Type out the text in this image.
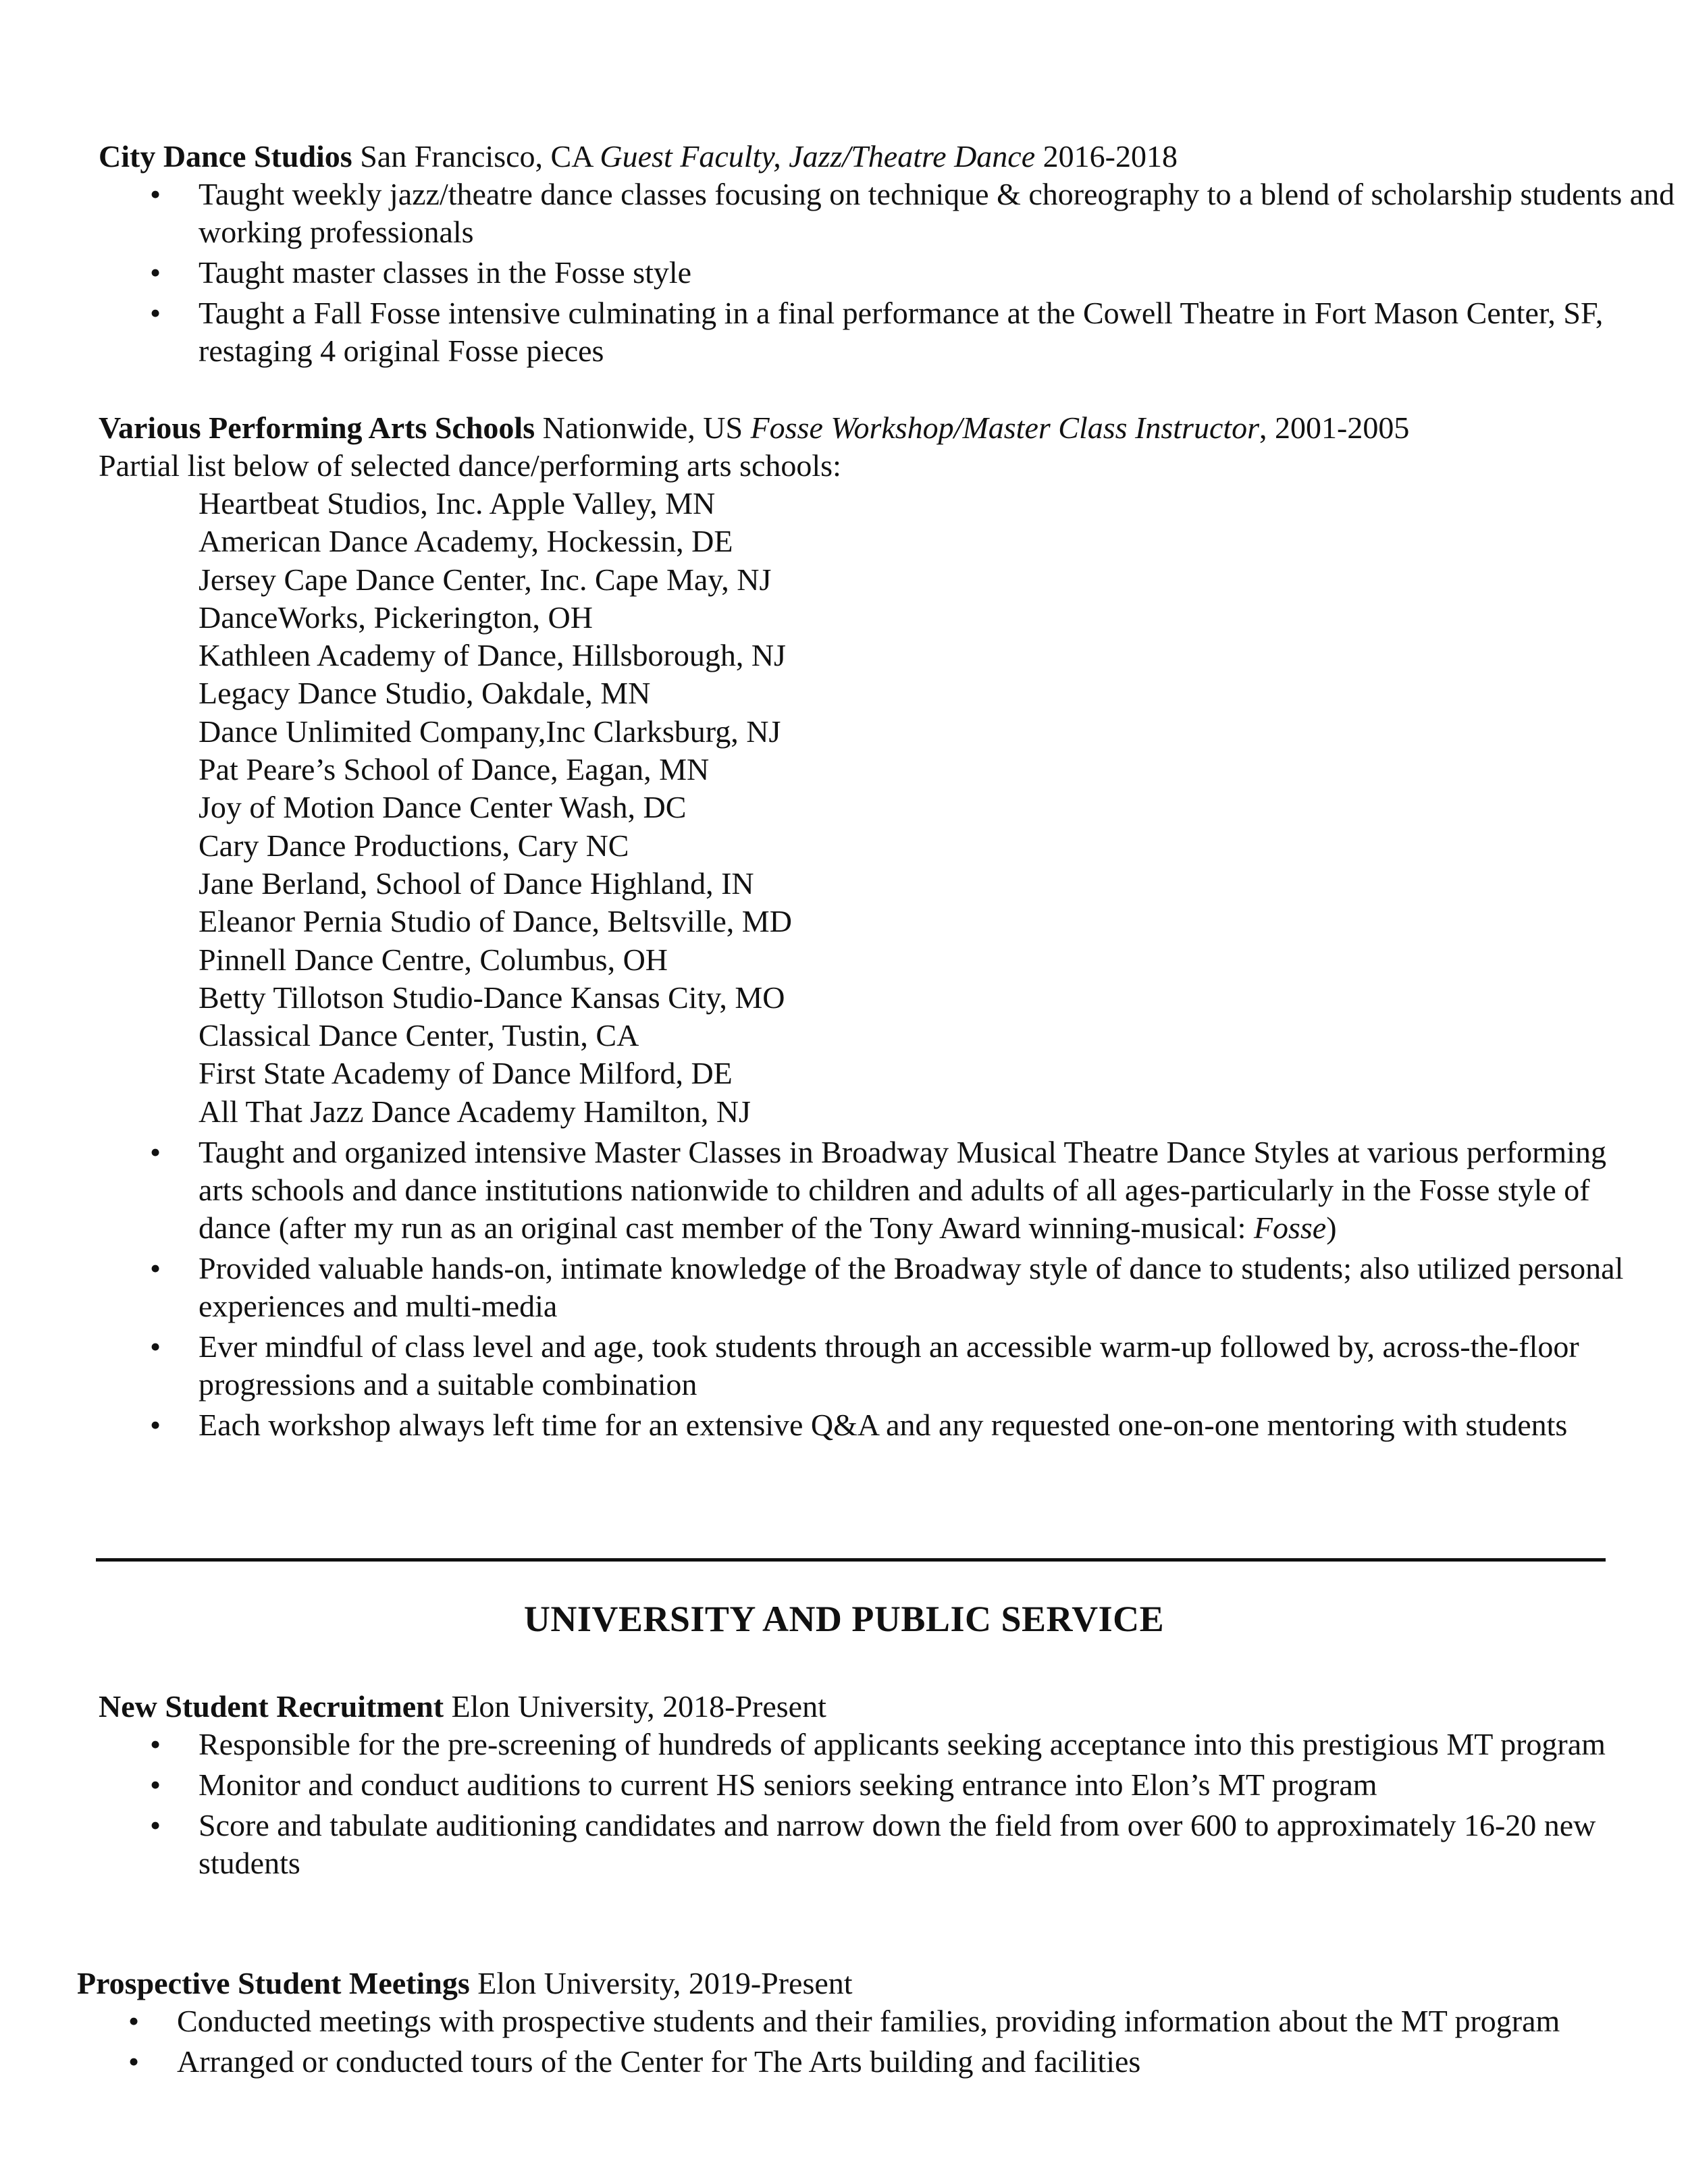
City Dance Studios San Francisco, CA Guest Faculty, Jazz/Theatre Dance 2016-2018
• Taught weekly jazz/theatre dance classes focusing on technique & choreography to a blend of scholarship students and working professionals
• Taught master classes in the Fosse style
• Taught a Fall Fosse intensive culminating in a final performance at the Cowell Theatre in Fort Mason Center, SF, restaging 4 original Fosse pieces
Various Performing Arts Schools Nationwide, US Fosse Workshop/Master Class Instructor, 2001-2005
Partial list below of selected dance/performing arts schools:
Heartbeat Studios, Inc. Apple Valley, MN
American Dance Academy, Hockessin, DE
Jersey Cape Dance Center, Inc. Cape May, NJ
DanceWorks, Pickerington, OH
Kathleen Academy of Dance, Hillsborough, NJ
Legacy Dance Studio, Oakdale, MN
Dance Unlimited Company,Inc Clarksburg, NJ
Pat Peare’s School of Dance, Eagan, MN
Joy of Motion Dance Center Wash, DC
Cary Dance Productions, Cary NC
Jane Berland, School of Dance Highland, IN
Eleanor Pernia Studio of Dance, Beltsville, MD
Pinnell Dance Centre, Columbus, OH
Betty Tillotson Studio-Dance Kansas City, MO
Classical Dance Center, Tustin, CA
First State Academy of Dance Milford, DE
All That Jazz Dance Academy Hamilton, NJ
• Taught and organized intensive Master Classes in Broadway Musical Theatre Dance Styles at various performing arts schools and dance institutions nationwide to children and adults of all ages-particularly in the Fosse style of dance (after my run as an original cast member of the Tony Award winning-musical: Fosse)
• Provided valuable hands-on, intimate knowledge of the Broadway style of dance to students; also utilized personal experiences and multi-media
• Ever mindful of class level and age, took students through an accessible warm-up followed by, across-the-floor progressions and a suitable combination
• Each workshop always left time for an extensive Q&A and any requested one-on-one mentoring with students
UNIVERSITY AND PUBLIC SERVICE
New Student Recruitment Elon University, 2018-Present
• Responsible for the pre-screening of hundreds of applicants seeking acceptance into this prestigious MT program
• Monitor and conduct auditions to current HS seniors seeking entrance into Elon’s MT program
• Score and tabulate auditioning candidates and narrow down the field from over 600 to approximately 16-20 new students
Prospective Student Meetings Elon University, 2019-Present
• Conducted meetings with prospective students and their families, providing information about the MT program
• Arranged or conducted tours of the Center for The Arts building and facilities
